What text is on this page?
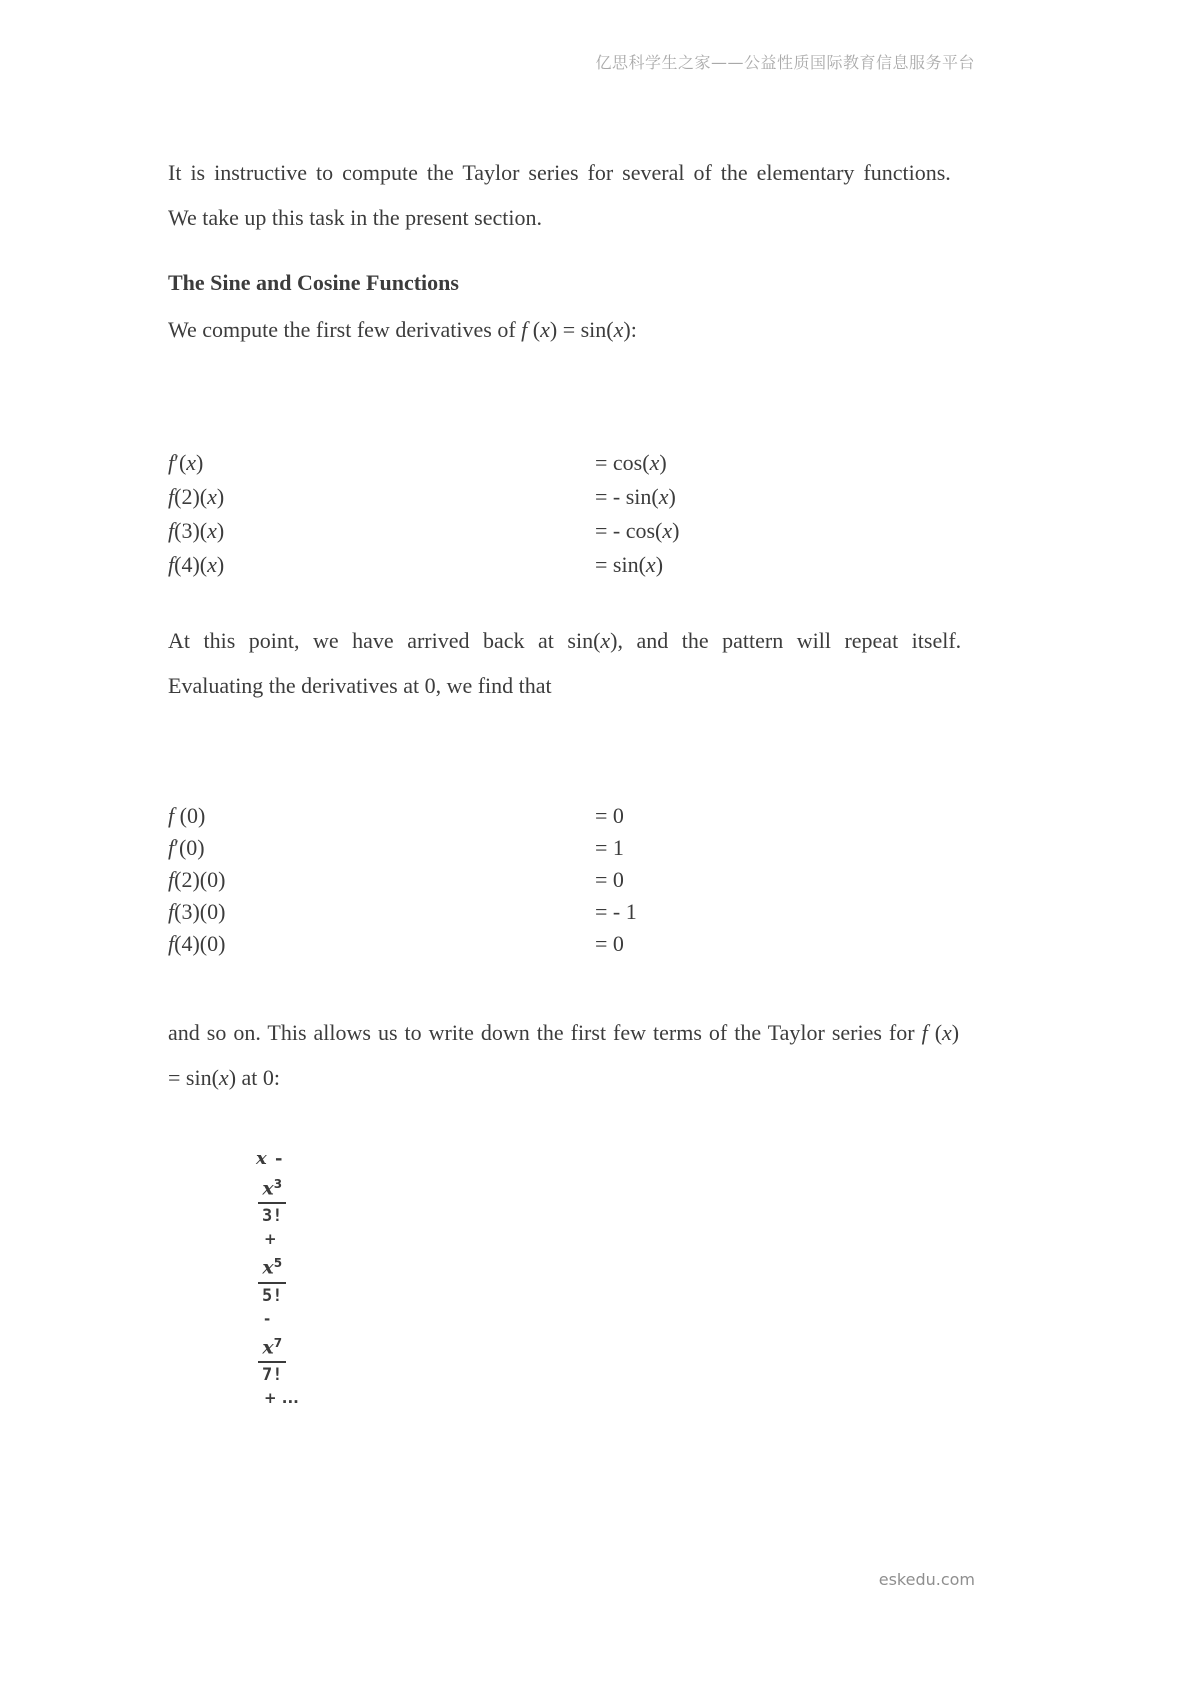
亿思科学生之家——公益性质国际教育信息服务平台

It is instructive to compute the Taylor series for several of the elementary functions.
We take up this task in the present section.

The Sine and Cosine Functions

We compute the first few derivatives of f (x) = sin(x):

f′(x)	= cos(x)
f(2)(x)	= - sin(x)
f(3)(x)	= - cos(x)
f(4)(x)	= sin(x)

At this point, we have arrived back at sin(x), and the pattern will repeat itself.
Evaluating the derivatives at 0, we find that

f (0)	= 0
f′(0)	= 1
f(2)(0)	= 0
f(3)(0)	= - 1
f(4)(0)	= 0

and so on. This allows us to write down the first few terms of the Taylor series for f (x)
= sin(x) at 0:

x -
$\frac{x^3}{3!}$
+
$\frac{x^5}{5!}$
-
$\frac{x^7}{7!}$
+ ...
eskedu.com
